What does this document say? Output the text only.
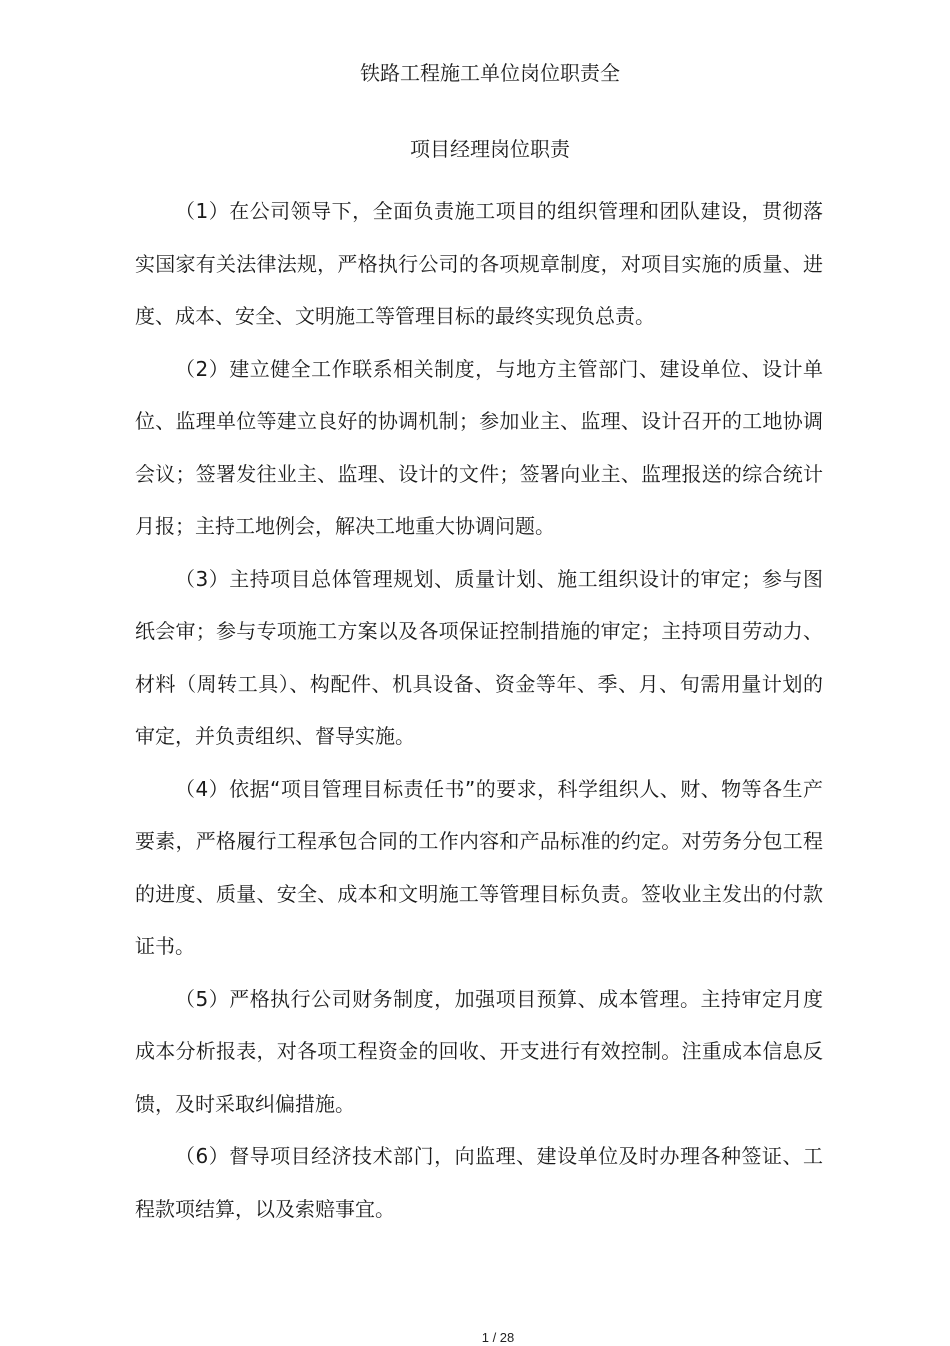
铁路工程施工单位岗位职责全
项目经理岗位职责

（1）在公司领导下，全面负责施工项目的组织管理和团队建设，贯彻落实国家有关法律法规，严格执行公司的各项规章制度，对项目实施的质量、进度、成本、安全、文明施工等管理目标的最终实现负总责。

（2）建立健全工作联系相关制度，与地方主管部门、建设单位、设计单位、监理单位等建立良好的协调机制；参加业主、监理、设计召开的工地协调会议；签署发往业主、监理、设计的文件；签署向业主、监理报送的综合统计月报；主持工地例会，解决工地重大协调问题。

（3）主持项目总体管理规划、质量计划、施工组织设计的审定；参与图纸会审；参与专项施工方案以及各项保证控制措施的审定；主持项目劳动力、材料（周转工具）、构配件、机具设备、资金等年、季、月、旬需用量计划的审定，并负责组织、督导实施。

（4）依据“项目管理目标责任书”的要求，科学组织人、财、物等各生产要素，严格履行工程承包合同的工作内容和产品标准的约定。对劳务分包工程的进度、质量、安全、成本和文明施工等管理目标负责。签收业主发出的付款证书。

（5）严格执行公司财务制度，加强项目预算、成本管理。主持审定月度成本分析报表，对各项工程资金的回收、开支进行有效控制。注重成本信息反馈，及时采取纠偏措施。

（6）督导项目经济技术部门，向监理、建设单位及时办理各种签证、工程款项结算，以及索赔事宜。

1 / 28
